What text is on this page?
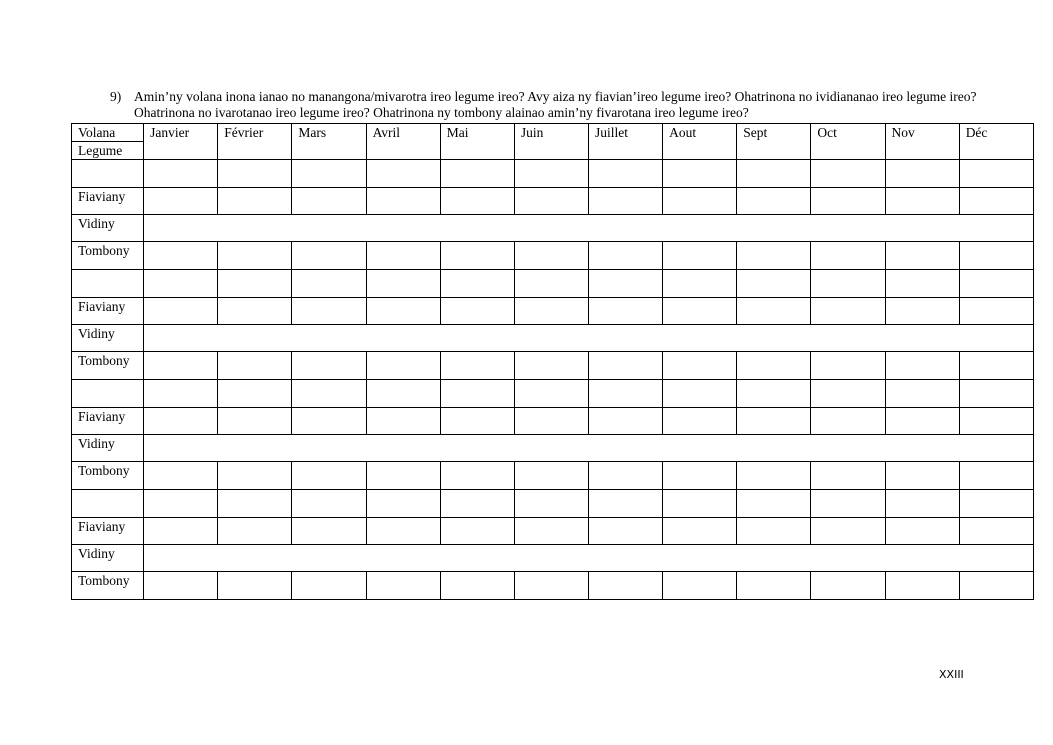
9) Amin’ny volana inona ianao no manangona/mivarotra ireo legume ireo? Avy aiza ny fiavian’ireo legume ireo? Ohatrinona no ividiananao ireo legume ireo? Ohatrinona no ivarotanao ireo legume ireo? Ohatrinona ny tombony alainao amin’ny fivarotana ireo legume ireo?
Volana
Legume	Janvier	Février	Mars	Avril	Mai	Juin	Juillet	Aout	Sept	Oct	Nov	Déc

Fiaviany												
Vidiny												
Tombony												

Fiaviany												
Vidiny												
Tombony												

Fiaviany												
Vidiny												
Tombony												

Fiaviany												
Vidiny												
Tombony												
XXIII
